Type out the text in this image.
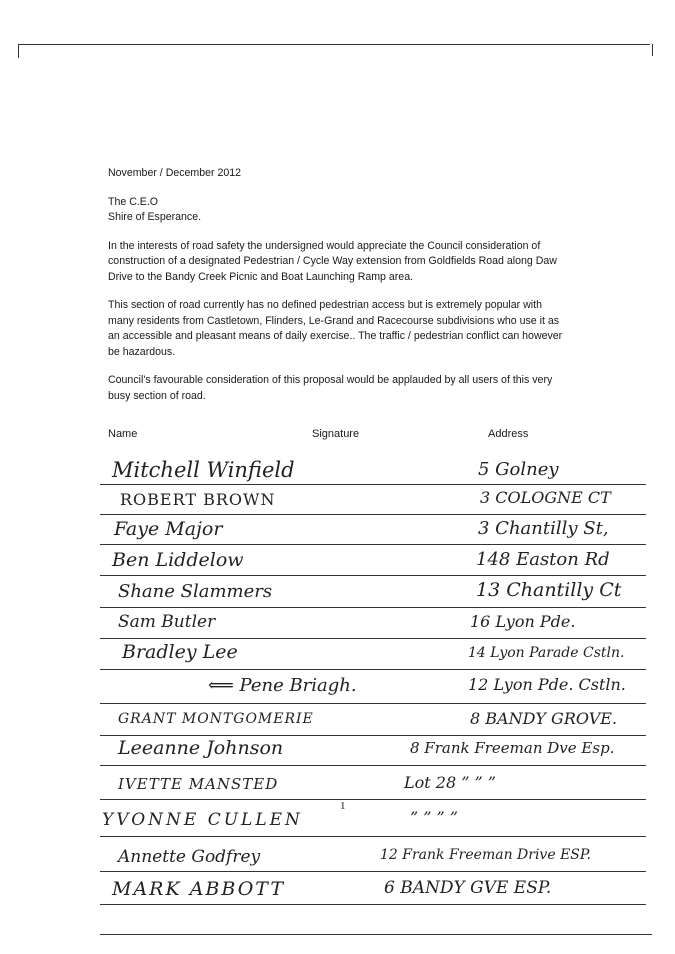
November / December 2012

The C.E.O
Shire of Esperance.

In the interests of road safety the undersigned would appreciate the Council consideration of construction of a designated Pedestrian / Cycle Way extension from Goldfields Road along Daw Drive to the Bandy Creek Picnic and Boat Launching Ramp area.

This section of road currently has no defined pedestrian access but is extremely popular with many residents from Castletown, Flinders, Le-Grand and Racecourse subdivisions who use it as an accessible and pleasant means of daily exercise.. The traffic / pedestrian conflict can however be hazardous.

Council's favourable consideration of this proposal would be applauded by all users of this very busy section of road.

Name	Signature	Address
Mitchell Winfield	5 Golney
ROBERT BROWN	3 COLOGNE CT
Faye Major	3 Chantilly St,
Ben Liddelow	148 Easton Rd
Shane Slammers	13 Chantilly Ct
Sam Butler	16 Lyon Pde.
Bradley Lee	14 Lyon Parade Cstln.
⟸ Pene Briagh.	12 Lyon Pde. Cstln.
GRANT MONTGOMERIE	8 BANDY GROVE.
Leeanne Johnson	8 Frank Freeman Dve Esp.
IVETTE MANSTED	Lot 28 ” ” ”
1
YVONNE CULLEN	” ” ” ”
Annette Godfrey	12 Frank Freeman Drive ESP.
MARK ABBOTT	6 BANDY GVE ESP.
